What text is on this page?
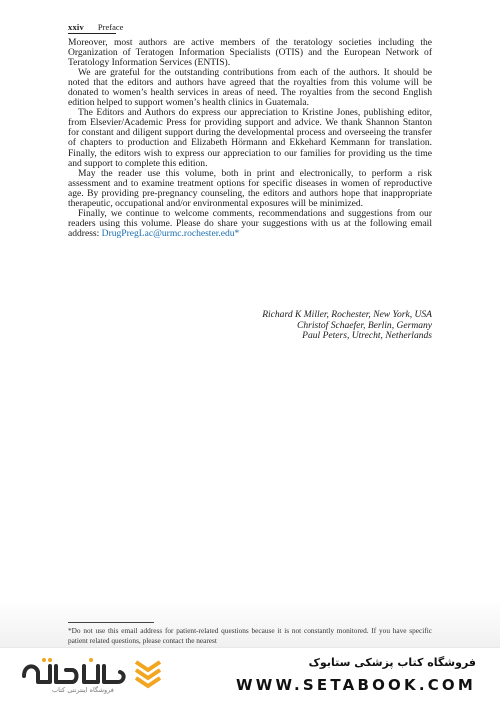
xxiv Preface

Moreover, most authors are active members of the teratology societies including the Organization of Teratogen Information Specialists (OTIS) and the European Network of Teratology Information Services (ENTIS).

We are grateful for the outstanding contributions from each of the authors. It should be noted that the editors and authors have agreed that the royalties from this volume will be donated to women’s health services in areas of need. The royalties from the second English edition helped to support women’s health clinics in Guatemala.

The Editors and Authors do express our appreciation to Kristine Jones, publishing editor, from Elsevier/Academic Press for providing support and advice. We thank Shannon Stanton for constant and diligent support during the developmental process and overseeing the transfer of chapters to production and Elizabeth Hörmann and Ekkehard Kemmann for translation. Finally, the editors wish to express our appreciation to our families for providing us the time and support to complete this edition.

May the reader use this volume, both in print and electronically, to perform a risk assessment and to examine treatment options for specific diseases in women of reproductive age. By providing pre-pregnancy counseling, the editors and authors hope that inappropriate therapeutic, occupational and/or environmental exposures will be minimized.

Finally, we continue to welcome comments, recommendations and suggestions from our readers using this volume. Please do share your suggestions with us at the following email address: DrugPregLac@urmc.rochester.edu*

Richard K Miller, Rochester, New York, USA
Christof Schaefer, Berlin, Germany
Paul Peters, Utrecht, Netherlands
*Do not use this email address for patient-related questions because it is not constantly monitored. If you have specific patient related questions, please contact the nearest
فروشگاه اینترنتی کتاب
فروشگاه کتاب پزشکی ستابوک
WWW.SETABOOK.COM
